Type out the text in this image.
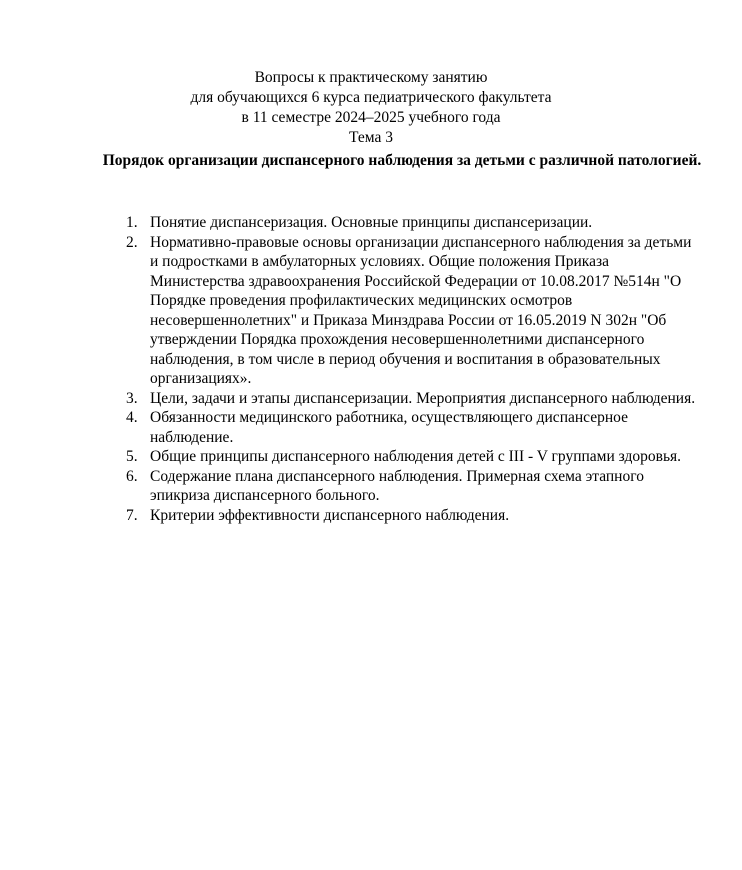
Вопросы к практическому занятию
для обучающихся 6 курса педиатрического факультета
в 11 семестре 2024–2025 учебного года
Тема 3
Порядок организации диспансерного наблюдения за детьми с различной патологией.
1. Понятие диспансеризация. Основные принципы диспансеризации.
2. Нормативно-правовые основы организации диспансерного наблюдения за детьми и подростками в амбулаторных условиях. Общие положения Приказа Министерства здравоохранения Российской Федерации от 10.08.2017 №514н "О Порядке проведения профилактических медицинских осмотров несовершеннолетних" и Приказа Минздрава России от 16.05.2019 N 302н "Об утверждении Порядка прохождения несовершеннолетними диспансерного наблюдения, в том числе в период обучения и воспитания в образовательных организациях».
3. Цели, задачи и этапы диспансеризации. Мероприятия диспансерного наблюдения.
4. Обязанности медицинского работника, осуществляющего диспансерное наблюдение.
5. Общие принципы диспансерного наблюдения детей с III - V группами здоровья.
6. Содержание плана диспансерного наблюдения. Примерная схема этапного эпикриза диспансерного больного.
7. Критерии эффективности диспансерного наблюдения.
